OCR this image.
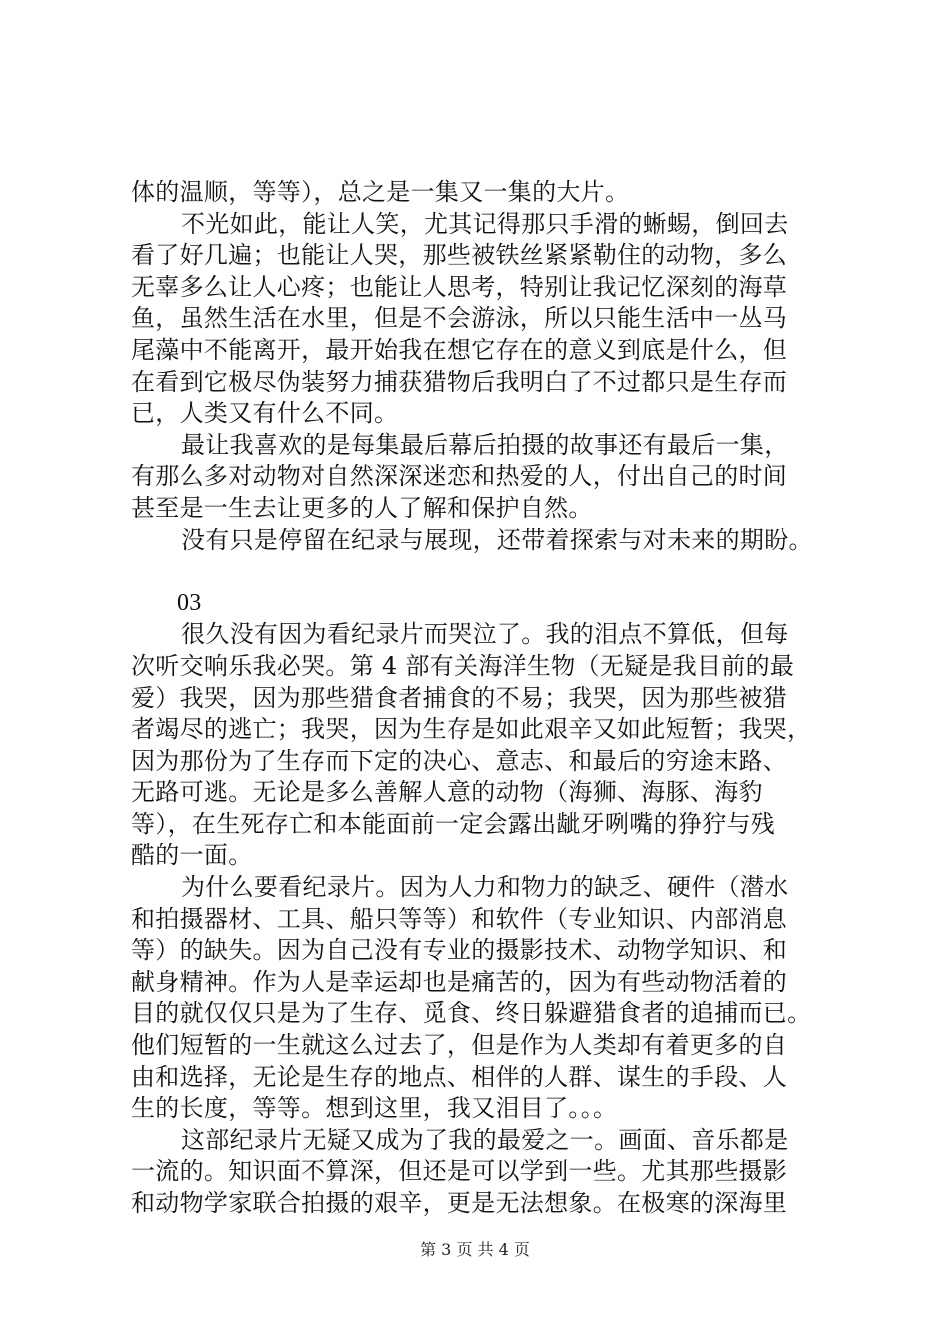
体的温顺，等等），总之是一集又一集的大片。
不光如此，能让人笑，尤其记得那只手滑的蜥蜴，倒回去
看了好几遍；也能让人哭，那些被铁丝紧紧勒住的动物，多么
无辜多么让人心疼；也能让人思考，特别让我记忆深刻的海草
鱼，虽然生活在水里，但是不会游泳，所以只能生活中一丛马
尾藻中不能离开，最开始我在想它存在的意义到底是什么，但
在看到它极尽伪装努力捕获猎物后我明白了不过都只是生存而
已，人类又有什么不同。
最让我喜欢的是每集最后幕后拍摄的故事还有最后一集，
有那么多对动物对自然深深迷恋和热爱的人，付出自己的时间
甚至是一生去让更多的人了解和保护自然。
没有只是停留在纪录与展现，还带着探索与对未来的期盼。
03
很久没有因为看纪录片而哭泣了。我的泪点不算低，但每
次听交响乐我必哭。第 4 部有关海洋生物（无疑是我目前的最
爱）我哭，因为那些猎食者捕食的不易；我哭，因为那些被猎
者竭尽的逃亡；我哭，因为生存是如此艰辛又如此短暂；我哭，
因为那份为了生存而下定的决心、意志、和最后的穷途末路、
无路可逃。无论是多么善解人意的动物（海狮、海豚、海豹
等），在生死存亡和本能面前一定会露出龇牙咧嘴的狰狞与残
酷的一面。
为什么要看纪录片。因为人力和物力的缺乏、硬件（潜水
和拍摄器材、工具、船只等等）和软件（专业知识、内部消息
等）的缺失。因为自己没有专业的摄影技术、动物学知识、和
献身精神。作为人是幸运却也是痛苦的，因为有些动物活着的
目的就仅仅只是为了生存、觅食、终日躲避猎食者的追捕而已。
他们短暂的一生就这么过去了，但是作为人类却有着更多的自
由和选择，无论是生存的地点、相伴的人群、谋生的手段、人
生的长度，等等。想到这里，我又泪目了。。。
这部纪录片无疑又成为了我的最爱之一。画面、音乐都是
一流的。知识面不算深，但还是可以学到一些。尤其那些摄影
和动物学家联合拍摄的艰辛，更是无法想象。在极寒的深海里
第 3 页 共 4 页
